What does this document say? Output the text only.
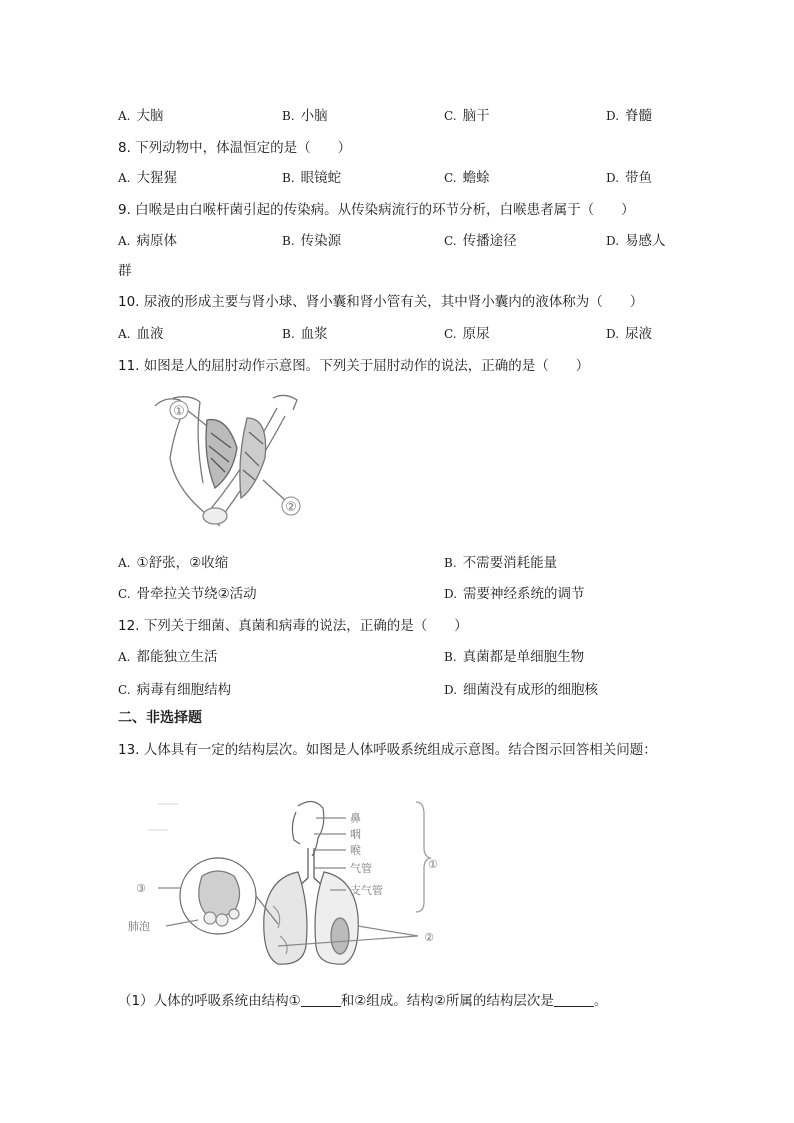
A. 大脑	B. 小脑	C. 脑干	D. 脊髓
8. 下列动物中，体温恒定的是（　　）
A. 大猩猩	B. 眼镜蛇	C. 蟾蜍	D. 带鱼
9. 白喉是由白喉杆菌引起的传染病。从传染病流行的环节分析，白喉患者属于（　　）
A. 病原体	B. 传染源	C. 传播途径	D. 易感人
群
10. 尿液的形成主要与肾小球、肾小囊和肾小管有关，其中肾小囊内的液体称为（　　）
A. 血液	B. 血浆	C. 原尿	D. 尿液
11. 如图是人的屈肘动作示意图。下列关于屈肘动作的说法，正确的是（　　）
①
②
A. ①舒张，②收缩	B. 不需要消耗能量
C. 骨牵拉关节绕②活动	D. 需要神经系统的调节
12. 下列关于细菌、真菌和病毒的说法，正确的是（　　）
A. 都能独立生活	B. 真菌都是单细胞生物
C. 病毒有细胞结构	D. 细菌没有成形的细胞核
二、非选择题
13. 人体具有一定的结构层次。如图是人体呼吸系统组成示意图。结合图示回答相关问题：
鼻
咽
喉
气管
支气管
①
②
③
肺泡
（1）人体的呼吸系统由结构①	和②组成。结构②所属的结构层次是	。
